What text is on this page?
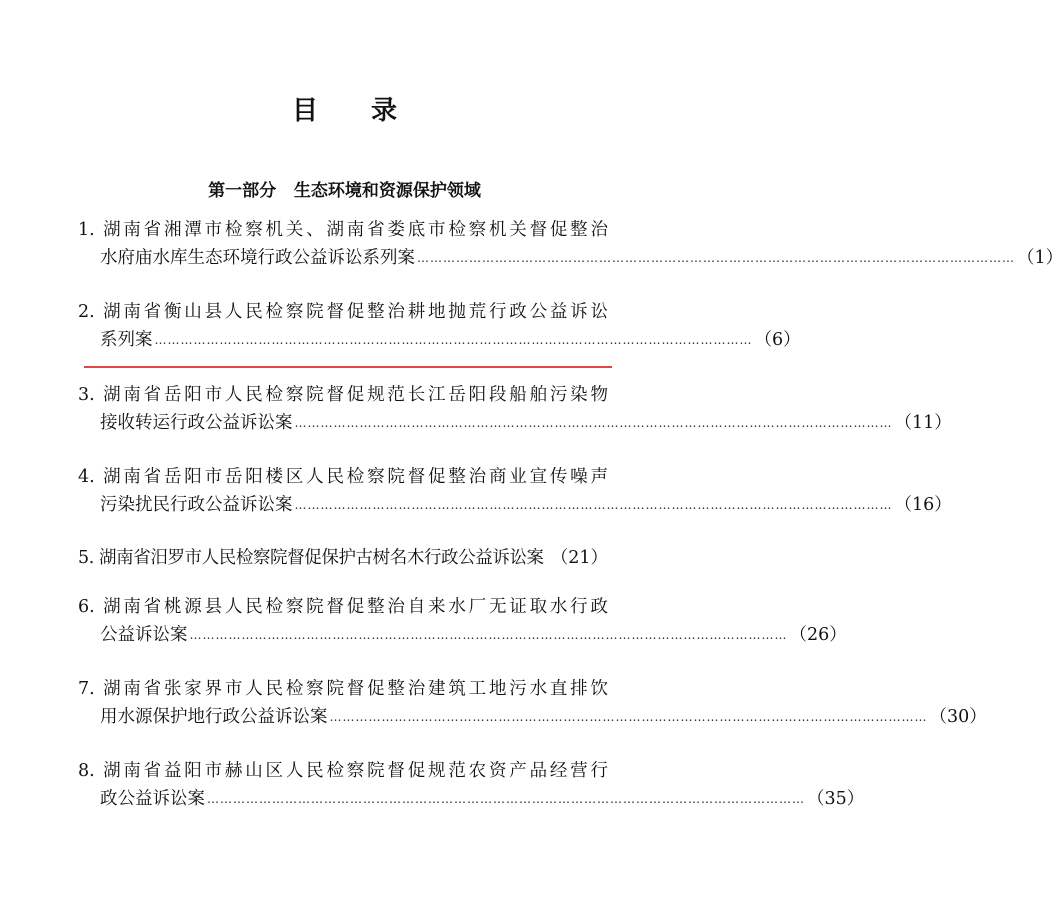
目 录
第一部分   生态环境和资源保护领域
1. 湖南省湘潭市检察机关、湖南省娄底市检察机关督促整治
水府庙水库生态环境行政公益诉讼系列案 ………………………………………………………………………………………………………………………… （1）
2. 湖南省衡山县人民检察院督促整治耕地抛荒行政公益诉讼
系列案 ………………………………………………………………………………………………………………………… （6）
3. 湖南省岳阳市人民检察院督促规范长江岳阳段船舶污染物
接收转运行政公益诉讼案 ………………………………………………………………………………………………………………………… （11）
4. 湖南省岳阳市岳阳楼区人民检察院督促整治商业宣传噪声
污染扰民行政公益诉讼案 ………………………………………………………………………………………………………………………… （16）
5. 湖南省汨罗市人民检察院督促保护古树名木行政公益诉讼案 （21）
6. 湖南省桃源县人民检察院督促整治自来水厂无证取水行政
公益诉讼案 ………………………………………………………………………………………………………………………… （26）
7. 湖南省张家界市人民检察院督促整治建筑工地污水直排饮
用水源保护地行政公益诉讼案 ………………………………………………………………………………………………………………………… （30）
8. 湖南省益阳市赫山区人民检察院督促规范农资产品经营行
政公益诉讼案 ………………………………………………………………………………………………………………………… （35）
